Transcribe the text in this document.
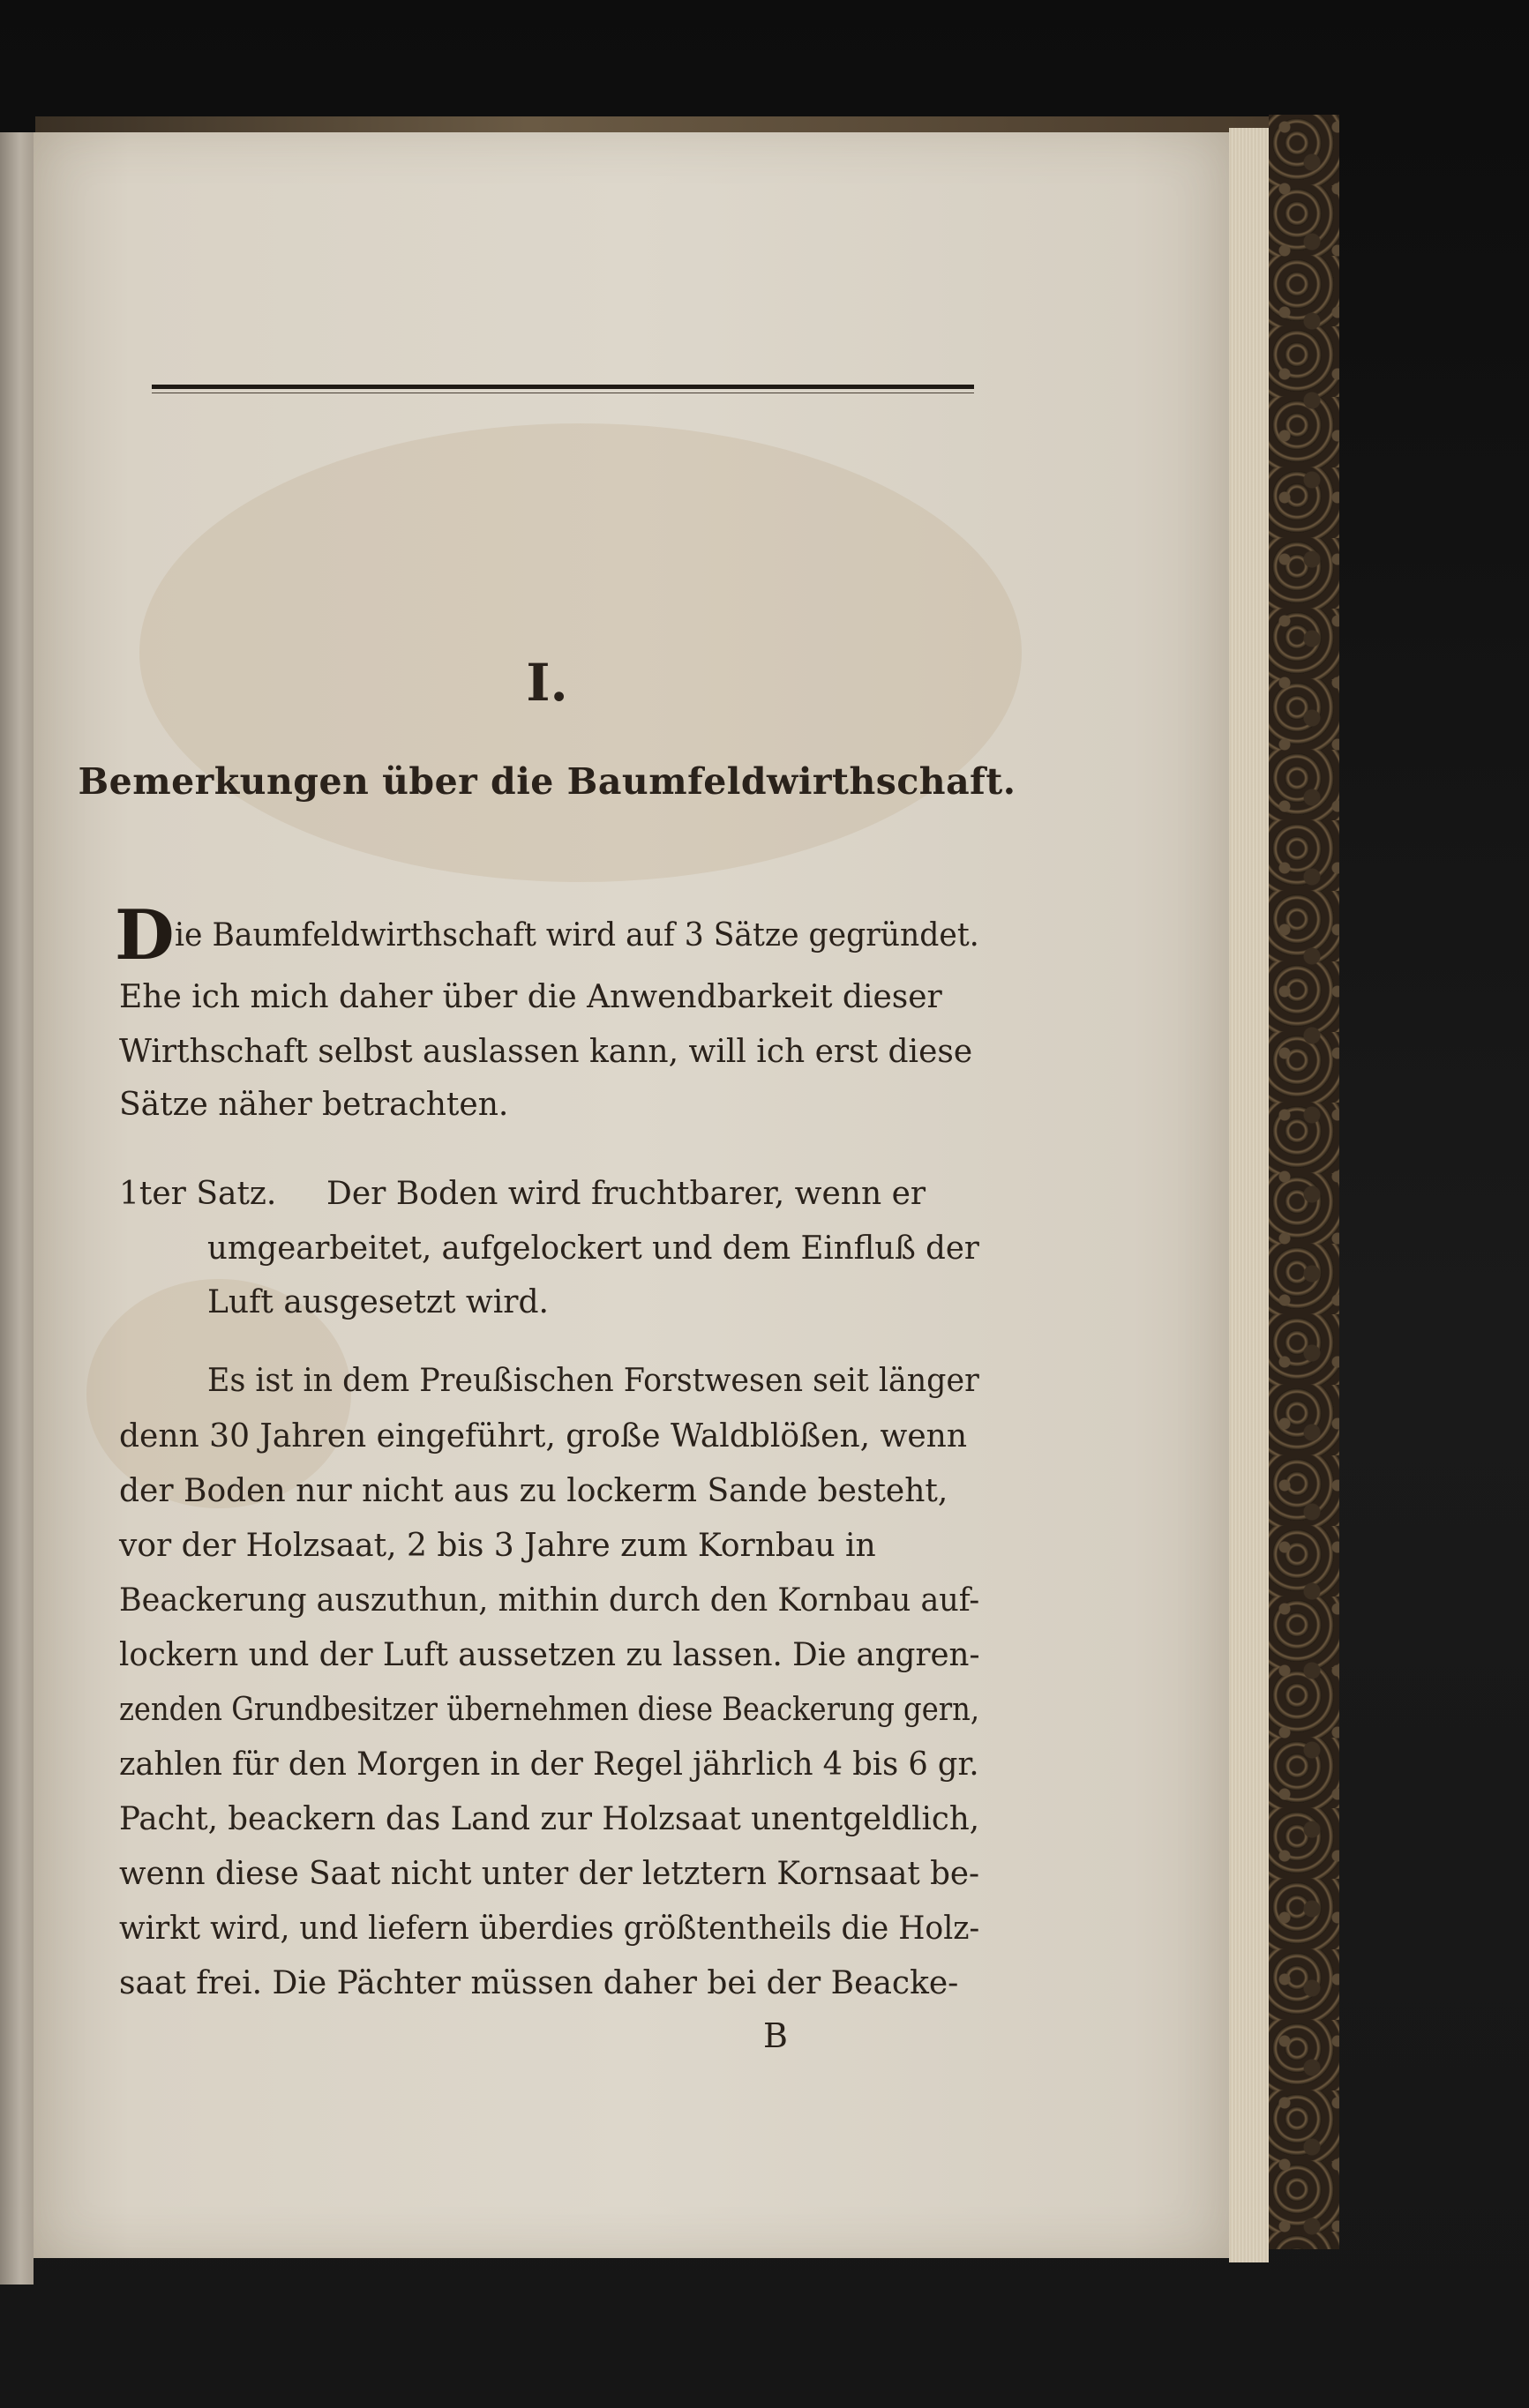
I.
Bemerkungen über die Baumfeldwirthschaft.
D ie Baumfeldwirthschaft wird auf 3 Sätze gegründet.
Ehe ich mich daher über die Anwendbarkeit dieser
Wirthschaft selbst auslassen kann, will ich erst diese
Sätze näher betrachten.
1ter Satz. Der Boden wird fruchtbarer, wenn er
umgearbeitet, aufgelockert und dem Einfluß der
Luft ausgesetzt wird.
Es ist in dem Preußischen Forstwesen seit länger
denn 30 Jahren eingeführt, große Waldblößen, wenn
der Boden nur nicht aus zu lockerm Sande besteht,
vor der Holzsaat, 2 bis 3 Jahre zum Kornbau in
Beackerung auszuthun, mithin durch den Kornbau auf-
lockern und der Luft aussetzen zu lassen. Die angren-
zenden Grundbesitzer übernehmen diese Beackerung gern,
zahlen für den Morgen in der Regel jährlich 4 bis 6 gr.
Pacht, beackern das Land zur Holzsaat unentgeldlich,
wenn diese Saat nicht unter der letztern Kornsaat be-
wirkt wird, und liefern überdies größtentheils die Holz-
saat frei. Die Pächter müssen daher bei der Beacke-
B
